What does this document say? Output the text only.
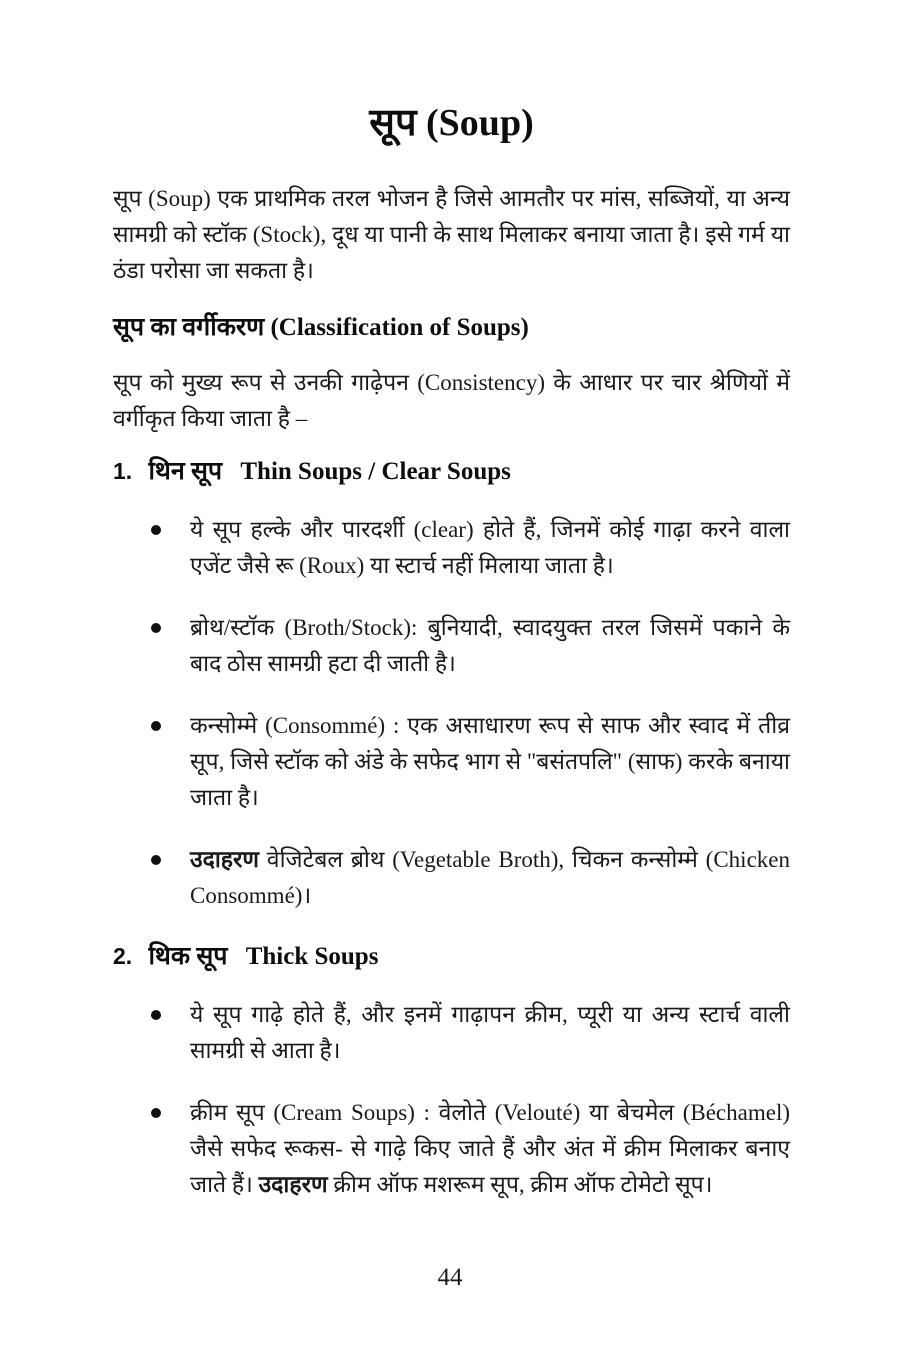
सूप (Soup)

सूप (Soup) एक प्राथमिक तरल भोजन है जिसे आमतौर पर मांस, सब्जियों, या अन्य सामग्री को स्टॉक (Stock), दूध या पानी के साथ मिलाकर बनाया जाता है। इसे गर्म या ठंडा परोसा जा सकता है।

सूप का वर्गीकरण (Classification of Soups)

सूप को मुख्य रूप से उनकी गाढ़ेपन (Consistency) के आधार पर चार श्रेणियों में वर्गीकृत किया जाता है –

1. थिन सूप Thin Soups / Clear Soups
ये सूप हल्के और पारदर्शी (clear) होते हैं, जिनमें कोई गाढ़ा करने वाला एजेंट जैसे रू (Roux) या स्टार्च नहीं मिलाया जाता है।
ब्रोथ/स्टॉक (Broth/Stock): बुनियादी, स्वादयुक्त तरल जिसमें पकाने के बाद ठोस सामग्री हटा दी जाती है।
कन्सोम्मे (Consommé) : एक असाधारण रूप से साफ और स्वाद में तीव्र सूप, जिसे स्टॉक को अंडे के सफेद भाग से "बसंतपलि" (साफ) करके बनाया जाता है।
उदाहरण वेजिटेबल ब्रोथ (Vegetable Broth), चिकन कन्सोम्मे (Chicken Consommé)।
2. थिक सूप Thick Soups
ये सूप गाढ़े होते हैं, और इनमें गाढ़ापन क्रीम, प्यूरी या अन्य स्टार्च वाली सामग्री से आता है।
क्रीम सूप (Cream Soups) : वेलोते (Velouté) या बेचमेल (Béchamel) जैसे सफेद रूकस- से गाढ़े किए जाते हैं और अंत में क्रीम मिलाकर बनाए जाते हैं। उदाहरण क्रीम ऑफ मशरूम सूप, क्रीम ऑफ टोमेटो सूप।
44
